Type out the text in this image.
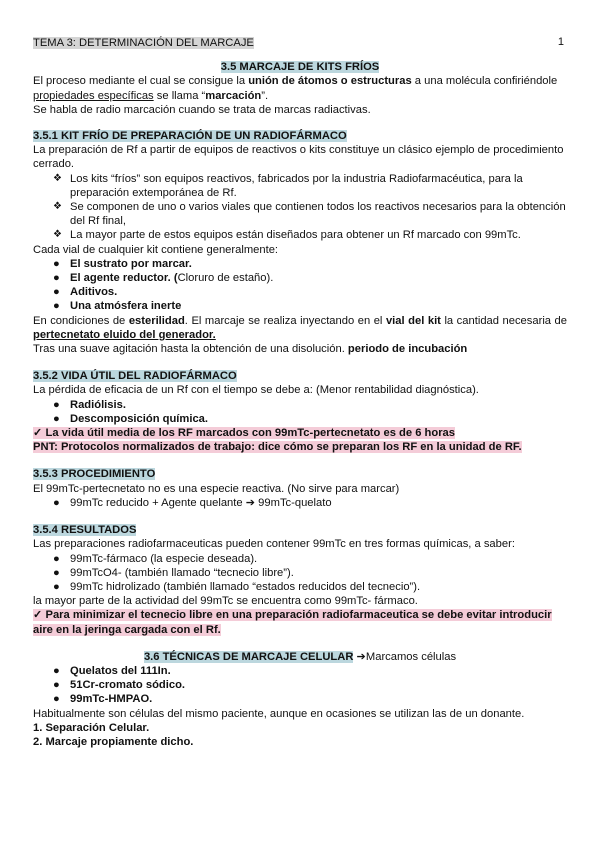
1

TEMA 3: DETERMINACIÓN DEL MARCAJE

3.5 MARCAJE DE KITS FRÍOS

El proceso mediante el cual se consigue la unión de átomos o estructuras a una molécula confiriéndole propiedades específicas se llama “marcación”.

Se habla de radio marcación cuando se trata de marcas radiactivas.

3.5.1 KIT FRÍO DE PREPARACIÓN DE UN RADIOFÁRMACO

La preparación de Rf a partir de equipos de reactivos o kits constituye un clásico ejemplo de procedimiento cerrado.

❖ Los kits “fríos” son equipos reactivos, fabricados por la industria Radiofarmacéutica, para la preparación extemporánea de Rf.
❖ Se componen de uno o varios viales que contienen todos los reactivos necesarios para la obtención del Rf final,
❖ La mayor parte de estos equipos están diseñados para obtener un Rf marcado con 99mTc.

Cada vial de cualquier kit contiene generalmente:

● El sustrato por marcar.
● El agente reductor. (Cloruro de estaño).
● Aditivos.
● Una atmósfera inerte

En condiciones de esterilidad. El marcaje se realiza inyectando en el vial del kit la cantidad necesaria de pertecnetato eluido del generador.

Tras una suave agitación hasta la obtención de una disolución. periodo de incubación

3.5.2 VIDA ÚTIL DEL RADIOFÁRMACO

La pérdida de eficacia de un Rf con el tiempo se debe a: (Menor rentabilidad diagnóstica).

● Radiólisis.
● Descomposición química.

✓ La vida útil media de los RF marcados con 99mTc-pertecnetato es de 6 horas

PNT: Protocolos normalizados de trabajo: dice cómo se preparan los RF en la unidad de RF.

3.5.3 PROCEDIMIENTO

El 99mTc-pertecnetato no es una especie reactiva. (No sirve para marcar)

● 99mTc reducido + Agente quelante ➔ 99mTc-quelato

3.5.4 RESULTADOS

Las preparaciones radiofarmaceuticas pueden contener 99mTc en tres formas químicas, a saber:

● 99mTc-fármaco (la especie deseada).
● 99mTcO4- (también llamado “tecnecio libre”).
● 99mTc hidrolizado (también llamado “estados reducidos del tecnecio”).

la mayor parte de la actividad del 99mTc se encuentra como 99mTc- fármaco.

✓ Para minimizar el tecnecio libre en una preparación radiofarmaceutica se debe evitar introducir aire en la jeringa cargada con el Rf.

3.6 TÉCNICAS DE MARCAJE CELULAR ➔Marcamos células

● Quelatos del 111In.
● 51Cr-cromato sódico.
● 99mTc-HMPAO.

Habitualmente son células del mismo paciente, aunque en ocasiones se utilizan las de un donante.

1. Separación Celular.

2. Marcaje propiamente dicho.
